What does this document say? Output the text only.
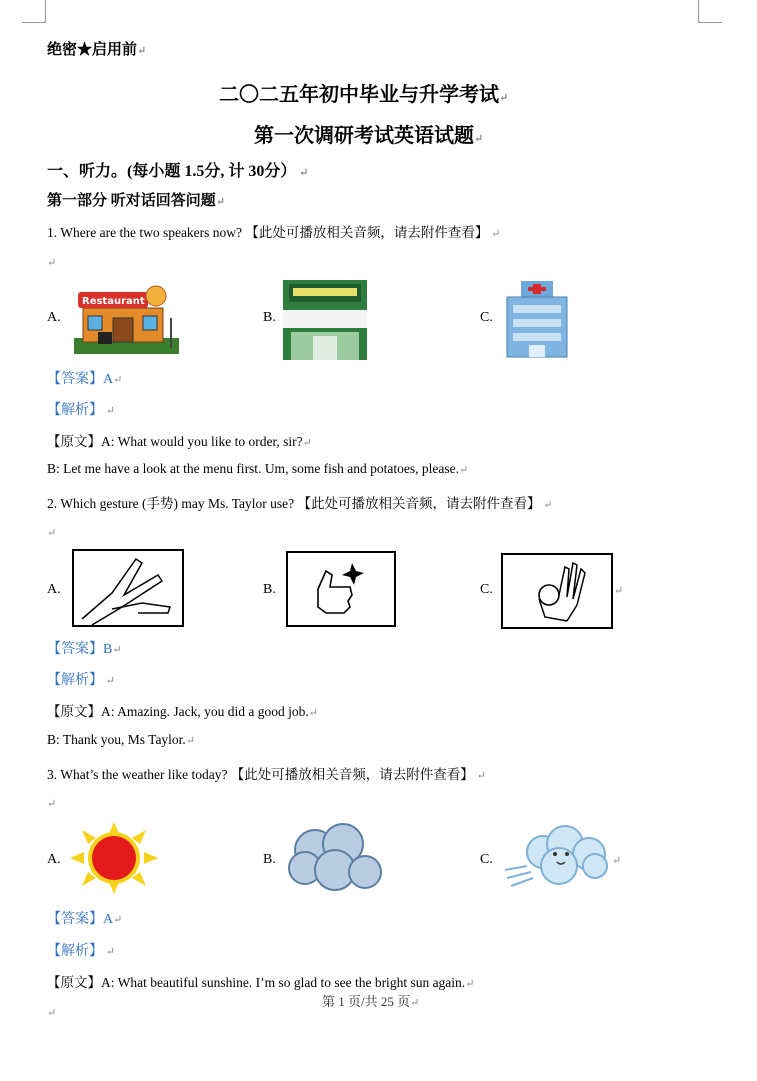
绝密★启用前↵
二〇二五年初中毕业与升学考试↵
第一次调研考试英语试题↵
一、听力。(每小题 1.5分, 计 30分） ↵
第一部分 听对话回答问题↵
1. Where are the two speakers now? 【此处可播放相关音频，请去附件查看】 ↵
↵
A.
Restaurant
B.	C.
【答案】A↵
【解析】 ↵
【原文】A: What would you like to order, sir?↵
B: Let me have a look at the menu first. Um, some fish and potatoes, please.↵
2. Which gesture (手势) may Ms. Taylor use? 【此处可播放相关音频，请去附件查看】 ↵
↵
A.	B.	C.	↵
【答案】B↵
【解析】 ↵
【原文】A: Amazing. Jack, you did a good job.↵
B: Thank you, Ms Taylor.↵
3. What’s the weather like today? 【此处可播放相关音频，请去附件查看】 ↵
↵
A.	B.	C.	↵
【答案】A↵
【解析】 ↵
【原文】A: What beautiful sunshine. I’m so glad to see the bright sun again.↵
第 1 页/共 25 页↵
↵
